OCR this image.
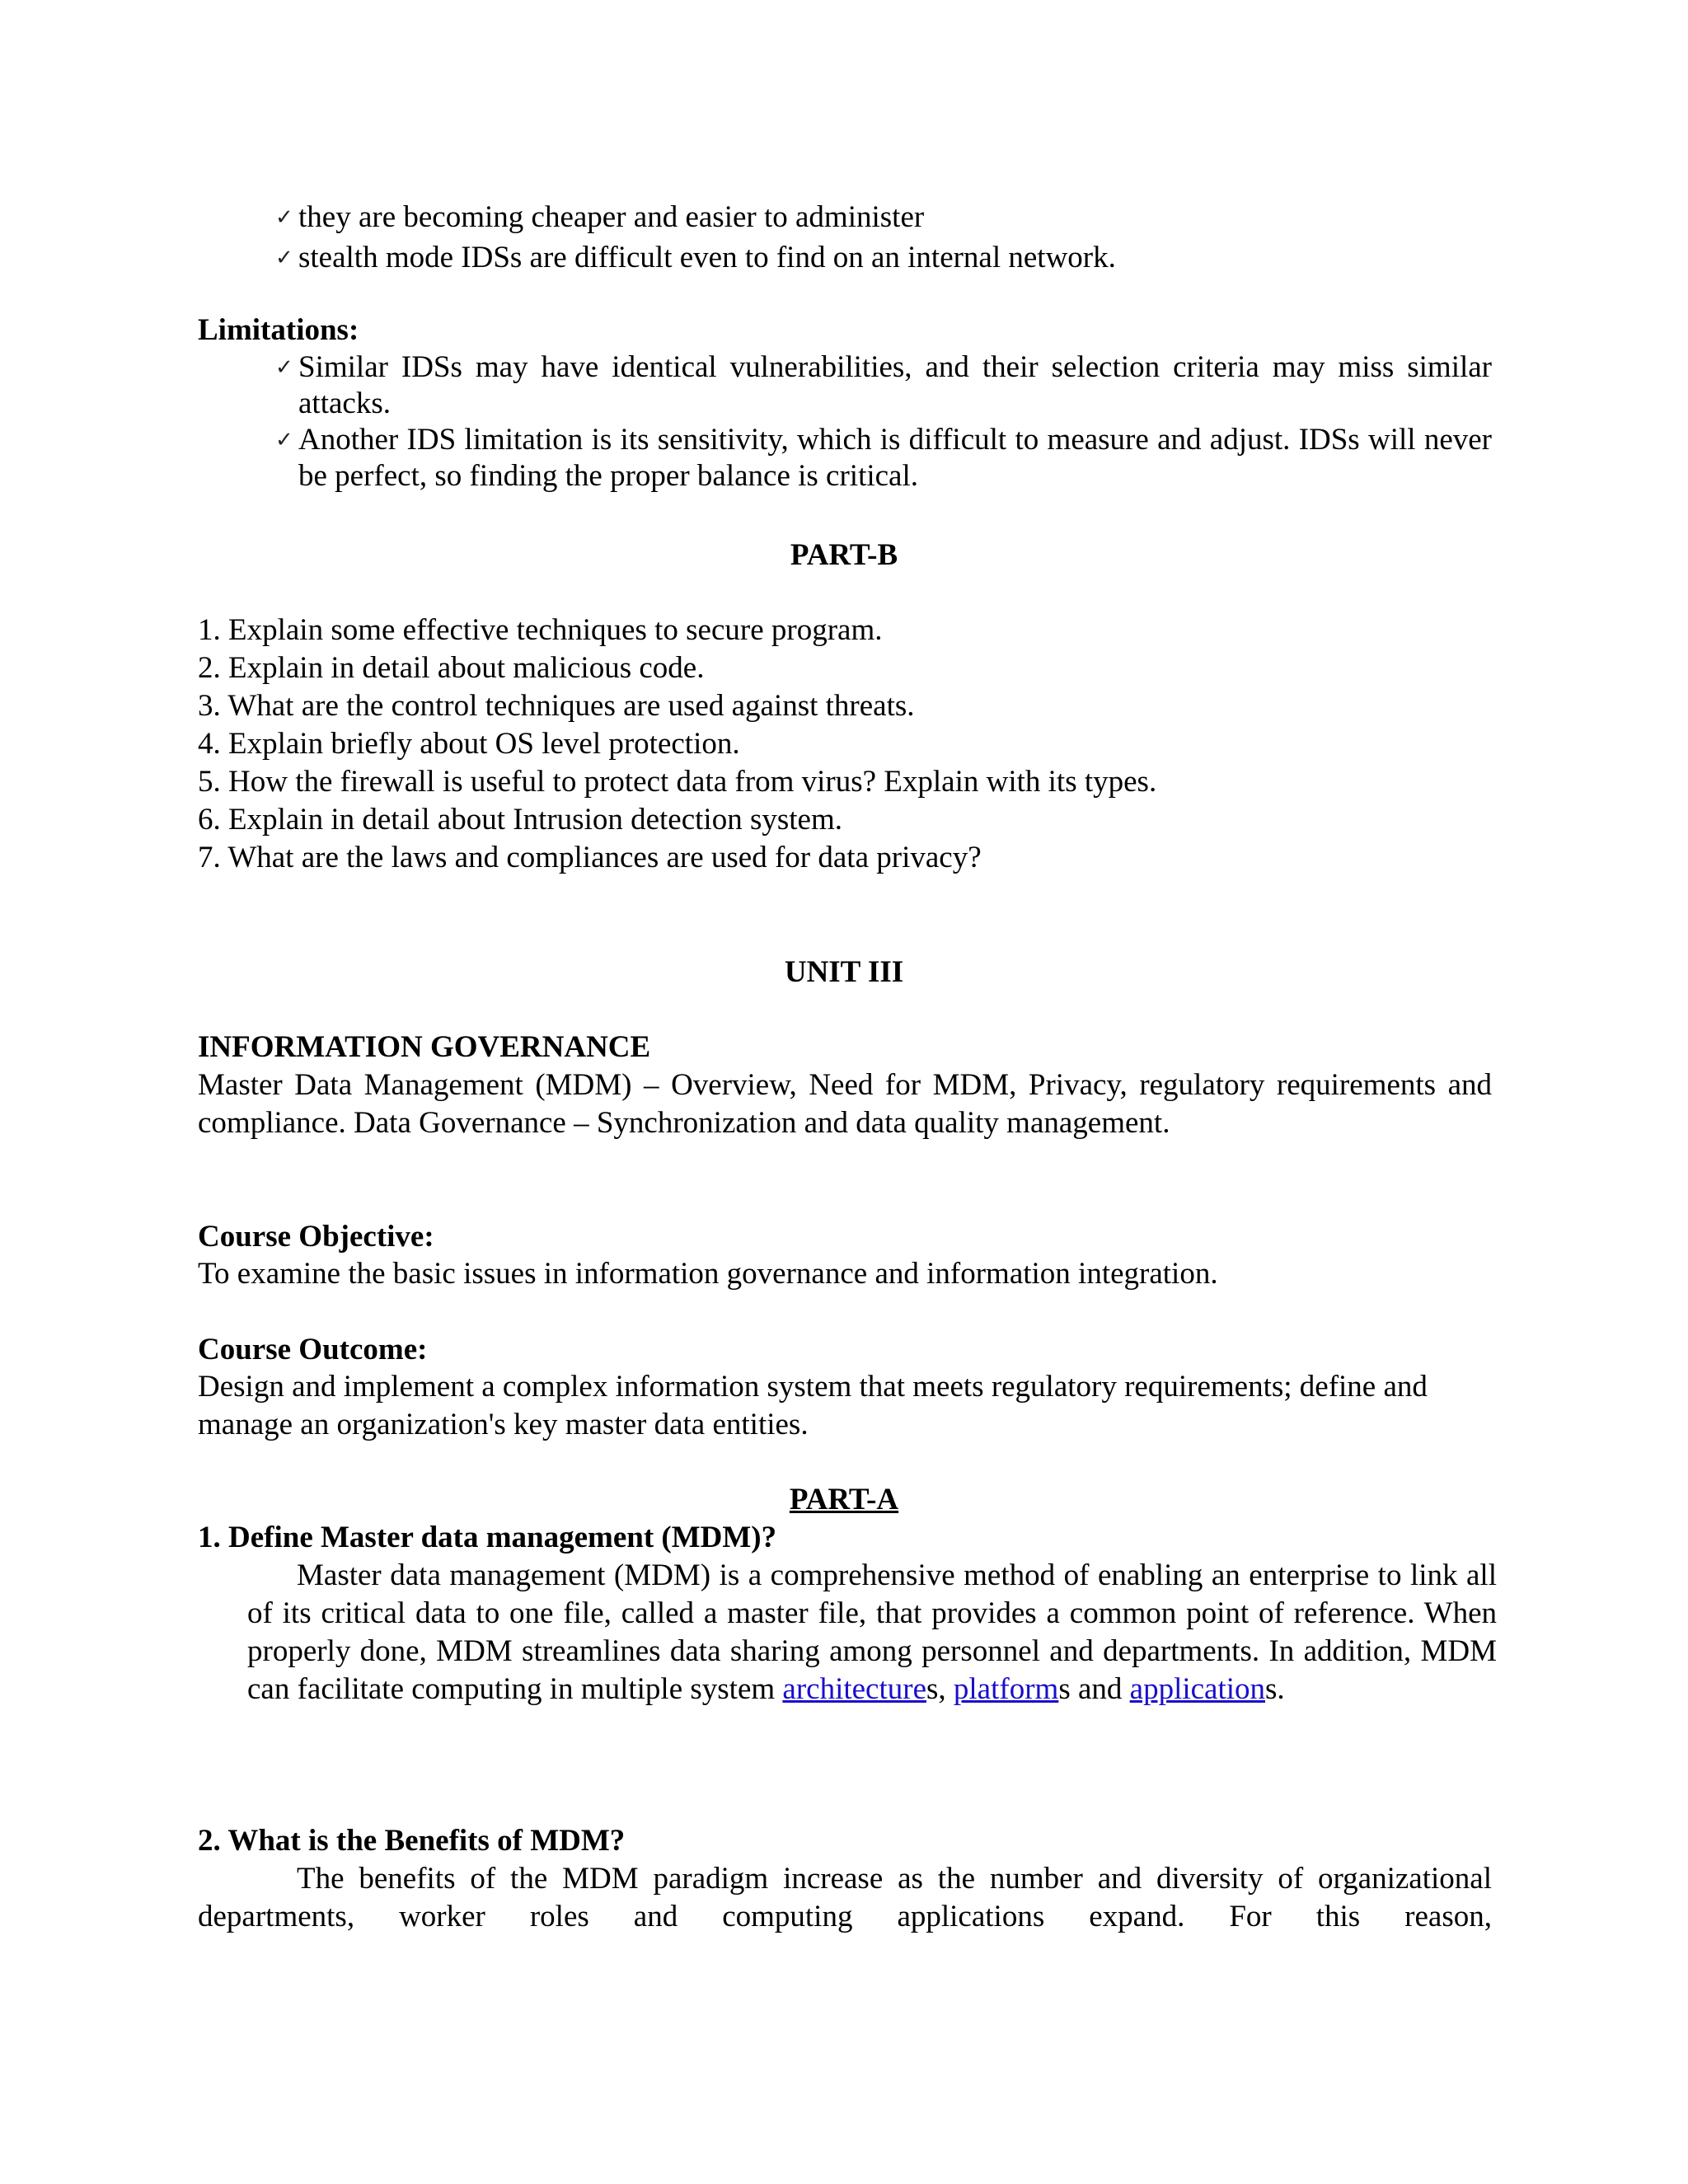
✓ they are becoming cheaper and easier to administer
✓ stealth mode IDSs are difficult even to find on an internal network.
Limitations:
✓ Similar IDSs may have identical vulnerabilities, and their selection criteria may miss similar attacks.
✓ Another IDS limitation is its sensitivity, which is difficult to measure and adjust. IDSs will never be perfect, so finding the proper balance is critical.
PART-B
1. Explain some effective techniques to secure program.
2. Explain in detail about malicious code.
3. What are the control techniques are used against threats.
4. Explain briefly about OS level protection.
5. How the firewall is useful to protect data from virus? Explain with its types.
6. Explain in detail about Intrusion detection system.
7. What are the laws and compliances are used for data privacy?
UNIT III
INFORMATION GOVERNANCE

Master Data Management (MDM) – Overview, Need for MDM, Privacy, regulatory requirements and compliance. Data Governance – Synchronization and data quality management.

Course Objective:

To examine the basic issues in information governance and information integration.

Course Outcome:

Design and implement a complex information system that meets regulatory requirements; define and manage an organization's key master data entities.

PART-A
1. Define Master data management (MDM)?

Master data management (MDM) is a comprehensive method of enabling an enterprise to link all of its critical data to one file, called a master file, that provides a common point of reference. When properly done, MDM streamlines data sharing among personnel and departments. In addition, MDM can facilitate computing in multiple system architectures, platforms and applications.

2. What is the Benefits of MDM?

The benefits of the MDM paradigm increase as the number and diversity of organizational departments, worker roles and computing applications expand. For this reason,
